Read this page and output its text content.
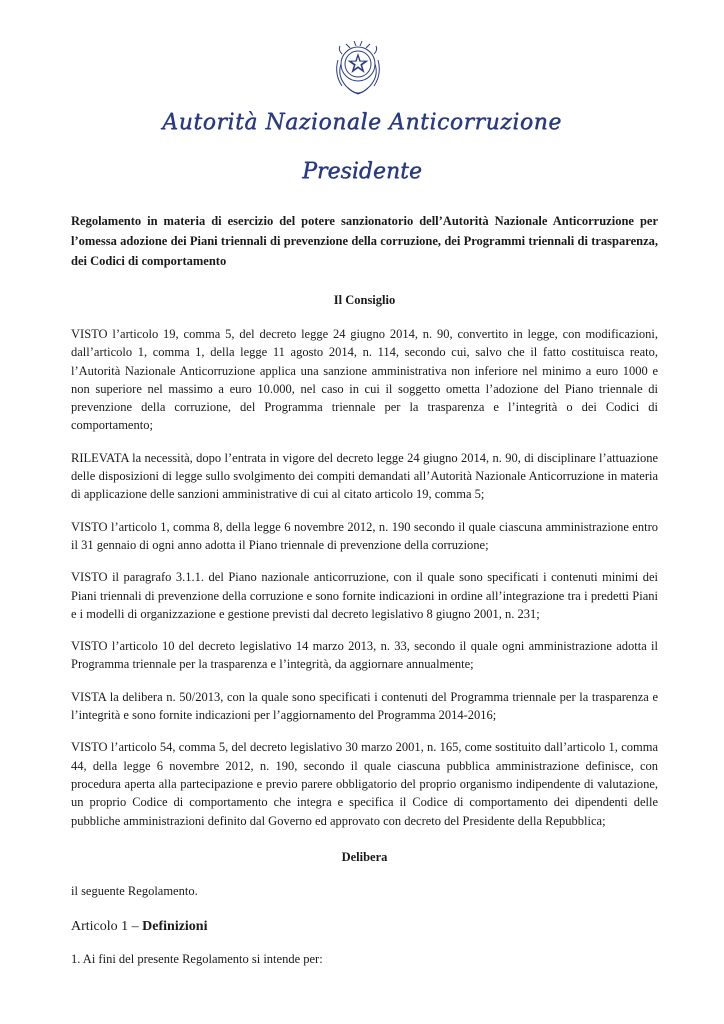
Autorità Nazionale Anticorruzione
Presidente
Regolamento in materia di esercizio del potere sanzionatorio dell’Autorità Nazionale Anticorruzione per l’omessa adozione dei Piani triennali di prevenzione della corruzione, dei Programmi triennali di trasparenza, dei Codici di comportamento
Il Consiglio
VISTO l’articolo 19, comma 5, del decreto legge 24 giugno 2014, n. 90, convertito in legge, con modificazioni, dall’articolo 1, comma 1, della legge 11 agosto 2014, n. 114, secondo cui, salvo che il fatto costituisca reato, l’Autorità Nazionale Anticorruzione applica una sanzione amministrativa non inferiore nel minimo a euro 1000 e non superiore nel massimo a euro 10.000, nel caso in cui il soggetto ometta l’adozione del Piano triennale di prevenzione della corruzione, del Programma triennale per la trasparenza e l’integrità o dei Codici di comportamento;
RILEVATA la necessità, dopo l’entrata in vigore del decreto legge 24 giugno 2014, n. 90, di disciplinare l’attuazione delle disposizioni di legge sullo svolgimento dei compiti demandati all’Autorità Nazionale Anticorruzione in materia di applicazione delle sanzioni amministrative di cui al citato articolo 19, comma 5;
VISTO l’articolo 1, comma 8, della legge 6 novembre 2012, n. 190 secondo il quale ciascuna amministrazione entro il 31 gennaio di ogni anno adotta il Piano triennale di prevenzione della corruzione;
VISTO il paragrafo 3.1.1. del Piano nazionale anticorruzione, con il quale sono specificati i contenuti minimi dei Piani triennali di prevenzione della corruzione e sono fornite indicazioni in ordine all’integrazione tra i predetti Piani e i modelli di organizzazione e gestione previsti dal decreto legislativo 8 giugno 2001, n. 231;
VISTO l’articolo 10 del decreto legislativo 14 marzo 2013, n. 33, secondo il quale ogni amministrazione adotta il Programma triennale per la trasparenza e l’integrità, da aggiornare annualmente;
VISTA la delibera n. 50/2013, con la quale sono specificati i contenuti del Programma triennale per la trasparenza e l’integrità e sono fornite indicazioni per l’aggiornamento del Programma 2014-2016;
VISTO l’articolo 54, comma 5, del decreto legislativo 30 marzo 2001, n. 165, come sostituito dall’articolo 1, comma 44, della legge 6 novembre 2012, n. 190, secondo il quale ciascuna pubblica amministrazione definisce, con procedura aperta alla partecipazione e previo parere obbligatorio del proprio organismo indipendente di valutazione, un proprio Codice di comportamento che integra e specifica il Codice di comportamento dei dipendenti delle pubbliche amministrazioni definito dal Governo ed approvato con decreto del Presidente della Repubblica;
Delibera
il seguente Regolamento.
Articolo 1 – Definizioni
1. Ai fini del presente Regolamento si intende per:
